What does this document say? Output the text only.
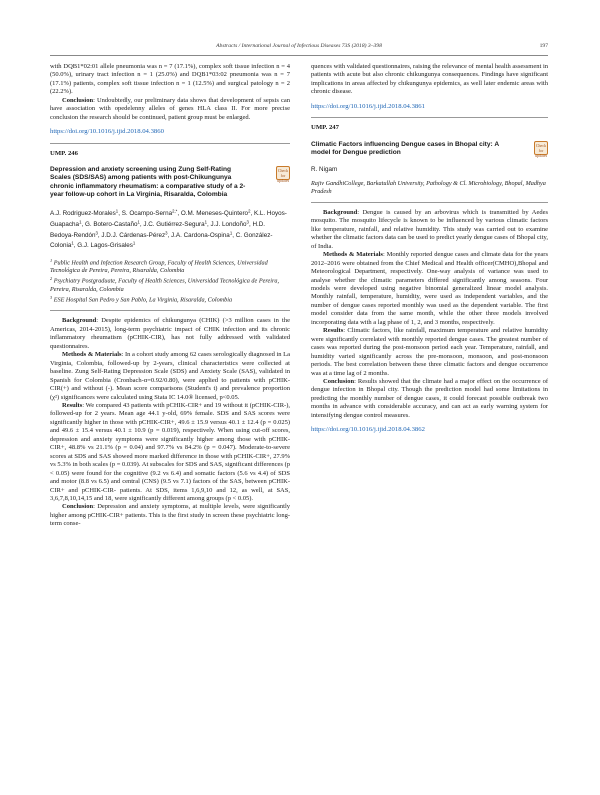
Abstracts / International Journal of Infectious Diseases 73S (2018) 3–398	197

with DQB1*02:01 allele pneumonia was n = 7 (17.1%), complex soft tissue infection n = 4 (50.0%), urinary tract infection n = 1 (25.0%) and DQB1*03:02 pneumonia was n = 7 (17.1%) patients, complex soft tissue infection n = 1 (12.5%) and surgical patology n = 2 (22.2%).

Conclusion: Undoubtedly, our preliminary data shows that development of sepsis can have association with opedelenny alleles of genes HLA class II. For more precise conclusion the research should be continued, patient group must be enlarged.

https://doi.org/10.1016/j.ijid.2018.04.3860

UMP. 246

Depression and anxiety screening using Zung Self-Rating Scales (SDS/SAS) among patients with post-Chikungunya chronic inflammatory rheumatism: a comparative study of a 2-year follow-up cohort in La Virginia, Risaralda, Colombia
Check for updates
A.J. Rodriguez-Morales$^1$, S. Ocampo-Serna$^{2,*}$, O.M. Meneses-Quintero$^2$, K.L. Hoyos-Guapacha$^1$, G. Botero-Castaño$^1$, J.C. Gutiérrez-Segura$^1$, J.J. Londoño$^3$, H.D. Bedoya-Rendón$^3$, J.D.J. Cárdenas-Pérez$^3$, J.A. Cardona-Ospina$^1$, C. González-Colonia$^1$, G.J. Lagos-Grisales$^1$

$^1$ Public Health and Infection Research Group, Faculty of Health Sciences, Universidad Tecnológica de Pereira, Pereira, Risaralda, Colombia

$^2$ Psychiatry Postgraduate, Faculty of Health Sciences, Universidad Tecnológica de Pereira, Pereira, Risaralda, Colombia

$^3$ ESE Hospital San Pedro y San Pablo, La Virginia, Risaralda, Colombia

Background: Despite epidemics of chikungunya (CHIK) (>3 million cases in the Americas, 2014-2015), long-term psychiatric impact of CHIK infection and its chronic inflammatory rheumatism (pCHIK-CIR), has not fully addressed with validated questionnaires.

Methods & Materials: In a cohort study among 62 cases serologically diagnosed in La Virginia, Colombia, followed-up by 2-years, clinical characteristics were collected at baseline. Zung Self-Rating Depression Scale (SDS) and Anxiety Scale (SAS), validated in Spanish for Colombia (Cronbach-α=0.92/0.80), were applied to patients with pCHIK-CIR(+) and without (-). Mean score comparisons (Student's t) and prevalence proportion (χ²) significances were calculated using Stata IC 14.0® licensed, p<0.05.

Results: We compared 43 patients with pCHIK-CIR+ and 19 without it (pCHIK-CIR-), followed-up for 2 years. Mean age 44.1 y-old, 69% female. SDS and SAS scores were significantly higher in those with pCHIK-CIR+, 49.6 ± 15.9 versus 40.1 ± 12.4 (p = 0.025) and 49.6 ± 15.4 versus 40.1 ± 10.9 (p = 0.019), respectively. When using cut-off scores, depression and anxiety symptoms were significantly higher among those with pCHIK-CIR+, 48.8% vs 21.1% (p = 0.04) and 97.7% vs 84.2% (p = 0.047). Moderate-to-severe scores at SDS and SAS showed more marked difference in those with pCHIK-CIR+, 27.9% vs 5.3% in both scales (p = 0.039). At subscales for SDS and SAS, significant differences (p < 0.05) were found for the cognitive (9.2 vs 6.4) and somatic factors (5.6 vs 4.4) of SDS and motor (8.8 vs 6.5) and central (CNS) (9.5 vs 7.1) factors of the SAS, between pCHIK-CIR+ and pCHIK-CIR- patients. At SDS, items 1,6,9,10 and 12, as well, at SAS, 3,6,7,8,10,14,15 and 18, were significantly different among groups (p < 0.05).

Conclusion: Depression and anxiety symptoms, at multiple levels, were significantly higher among pCHIK-CIR+ patients. This is the first study in screen these psychiatric long-term conse-

quences with validated questionnaires, raising the relevance of mental health assessment in patients with acute but also chronic chikungunya consequences. Findings have significant implications in areas affected by chikungunya epidemics, as well later endemic areas with chronic disease.

https://doi.org/10.1016/j.ijid.2018.04.3861

UMP. 247

Climatic Factors influencing Dengue cases in Bhopal city: A model for Dengue prediction
Check for updates
R. Nigam

Rajiv GandhiCollege, Barkatullah University, Pathology & Cl. Microbiology, Bhopal, Madhya Pradesh

Background: Dengue is caused by an arbovirus which is transmitted by Aedes mosquito. The mosquito lifecycle is known to be influenced by various climatic factors like temperature, rainfall, and relative humidity. This study was carried out to examine whether the climatic factors data can be used to predict yearly dengue cases of Bhopal city, of India.

Methods & Materials: Monthly reported dengue cases and climate data for the years 2012–2016 were obtained from the Chief Medical and Health officer(CMHO),Bhopal and Meteorological Department, respectively. One-way analysis of variance was used to analyse whether the climatic parameters differed significantly among seasons. Four models were developed using negative binomial generalized linear model analysis. Monthly rainfall, temperature, humidity, were used as independent variables, and the number of dengue cases reported monthly was used as the dependent variable. The first model consider data from the same month, while the other three models involved incorporating data with a lag phase of 1, 2, and 3 months, respectively.

Results: Climatic factors, like rainfall, maximum temperature and relative humidity were significantly correlated with monthly reported dengue cases. The greatest number of cases was reported during the post-monsoon period each year. Temperature, rainfall, and humidity varied significantly across the pre-monsoon, monsoon, and post-monsoon periods. The best correlation between these three climatic factors and dengue occurrence was at a time lag of 2 months.

Conclusion: Results showed that the climate had a major effect on the occurrence of dengue infection in Bhopal city. Though the prediction model had some limitations in predicting the monthly number of dengue cases, it could forecast possible outbreak two months in advance with considerable accuracy, and can act as early warning system for intensifying dengue control measures.

https://doi.org/10.1016/j.ijid.2018.04.3862
